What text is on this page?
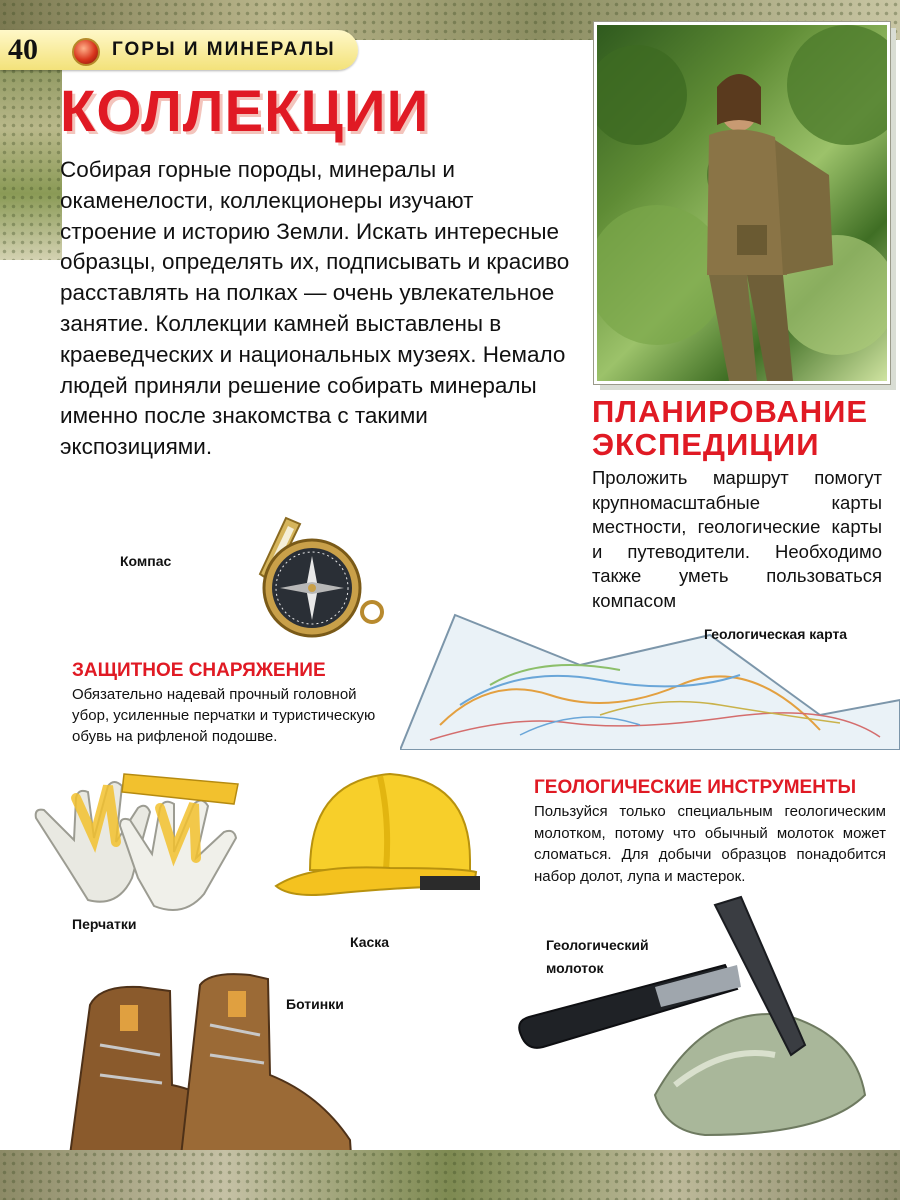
40	ГОРЫ И МИНЕРАЛЫ
КОЛЛЕКЦИИ

Собирая горные породы, минералы и окаменелости, коллекционеры изучают строение и историю Земли. Искать интересные образцы, определять их, подписывать и красиво расставлять на полках — очень увлекательное занятие. Коллекции камней выставлены в краеведческих и национальных музеях. Немало людей приняли решение собирать минералы именно после знакомства с такими экспозициями.

ПЛАНИРОВАНИЕ ЭКСПЕДИЦИИ

Проложить маршрут помогут крупномасштабные карты местности, геологические карты и путеводители. Необходимо также уметь пользоваться компасом

Компас
Геологическая карта
ЗАЩИТНОЕ СНАРЯЖЕНИЕ

Обязательно надевай прочный головной убор, усиленные перчатки и туристическую обувь на рифленой подошве.

ГЕОЛОГИЧЕСКИЕ ИНСТРУМЕНТЫ

Пользуйся только специальным геологическим молотком, потому что обычный молоток может сломаться. Для добычи образцов понадобится набор долот, лупа и мастерок.

Перчатки
Каска
Ботинки
Геологический молоток
